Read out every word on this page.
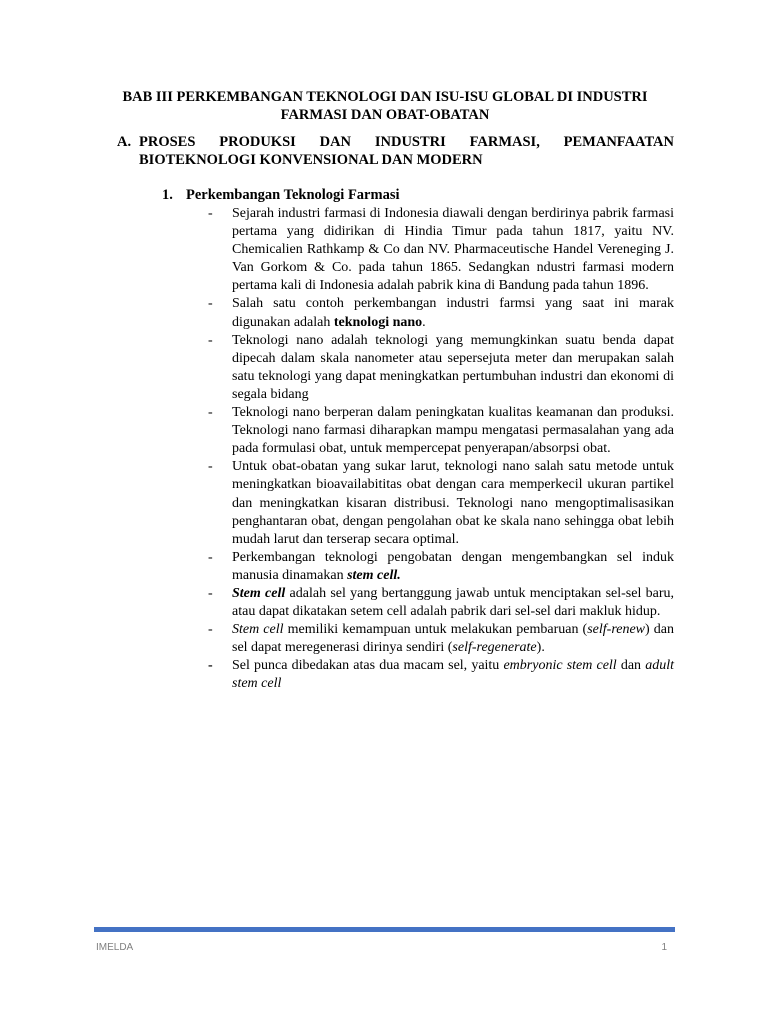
BAB III PERKEMBANGAN TEKNOLOGI DAN ISU-ISU GLOBAL DI INDUSTRI FARMASI DAN OBAT-OBATAN
A. PROSES PRODUKSI DAN INDUSTRI FARMASI, PEMANFAATAN BIOTEKNOLOGI KONVENSIONAL DAN MODERN
1. Perkembangan Teknologi Farmasi
- Sejarah industri farmasi di Indonesia diawali dengan berdirinya pabrik farmasi pertama yang didirikan di Hindia Timur pada tahun 1817, yaitu NV. Chemicalien Rathkamp & Co dan NV. Pharmaceutische Handel Vereneging J. Van Gorkom & Co. pada tahun 1865. Sedangkan ndustri farmasi modern pertama kali di Indonesia adalah pabrik kina di Bandung pada tahun 1896.
- Salah satu contoh perkembangan industri farmsi yang saat ini marak digunakan adalah teknologi nano.
- Teknologi nano adalah teknologi yang memungkinkan suatu benda dapat dipecah dalam skala nanometer atau sepersejuta meter dan merupakan salah satu teknologi yang dapat meningkatkan pertumbuhan industri dan ekonomi di segala bidang
- Teknologi nano berperan dalam peningkatan kualitas keamanan dan produksi. Teknologi nano farmasi diharapkan mampu mengatasi permasalahan yang ada pada formulasi obat, untuk mempercepat penyerapan/absorpsi obat.
- Untuk obat-obatan yang sukar larut, teknologi nano salah satu metode untuk meningkatkan bioavailabititas obat dengan cara memperkecil ukuran partikel dan meningkatkan kisaran distribusi. Teknologi nano mengoptimalisasikan penghantaran obat, dengan pengolahan obat ke skala nano sehingga obat lebih mudah larut dan terserap secara optimal.
- Perkembangan teknologi pengobatan dengan mengembangkan sel induk manusia dinamakan stem cell.
- Stem cell adalah sel yang bertanggung jawab untuk menciptakan sel-sel baru, atau dapat dikatakan setem cell adalah pabrik dari sel-sel dari makluk hidup.
- Stem cell memiliki kemampuan untuk melakukan pembaruan (self-renew) dan sel dapat meregenerasi dirinya sendiri (self-regenerate).
- Sel punca dibedakan atas dua macam sel, yaitu embryonic stem cell dan adult stem cell
IMELDA	1
